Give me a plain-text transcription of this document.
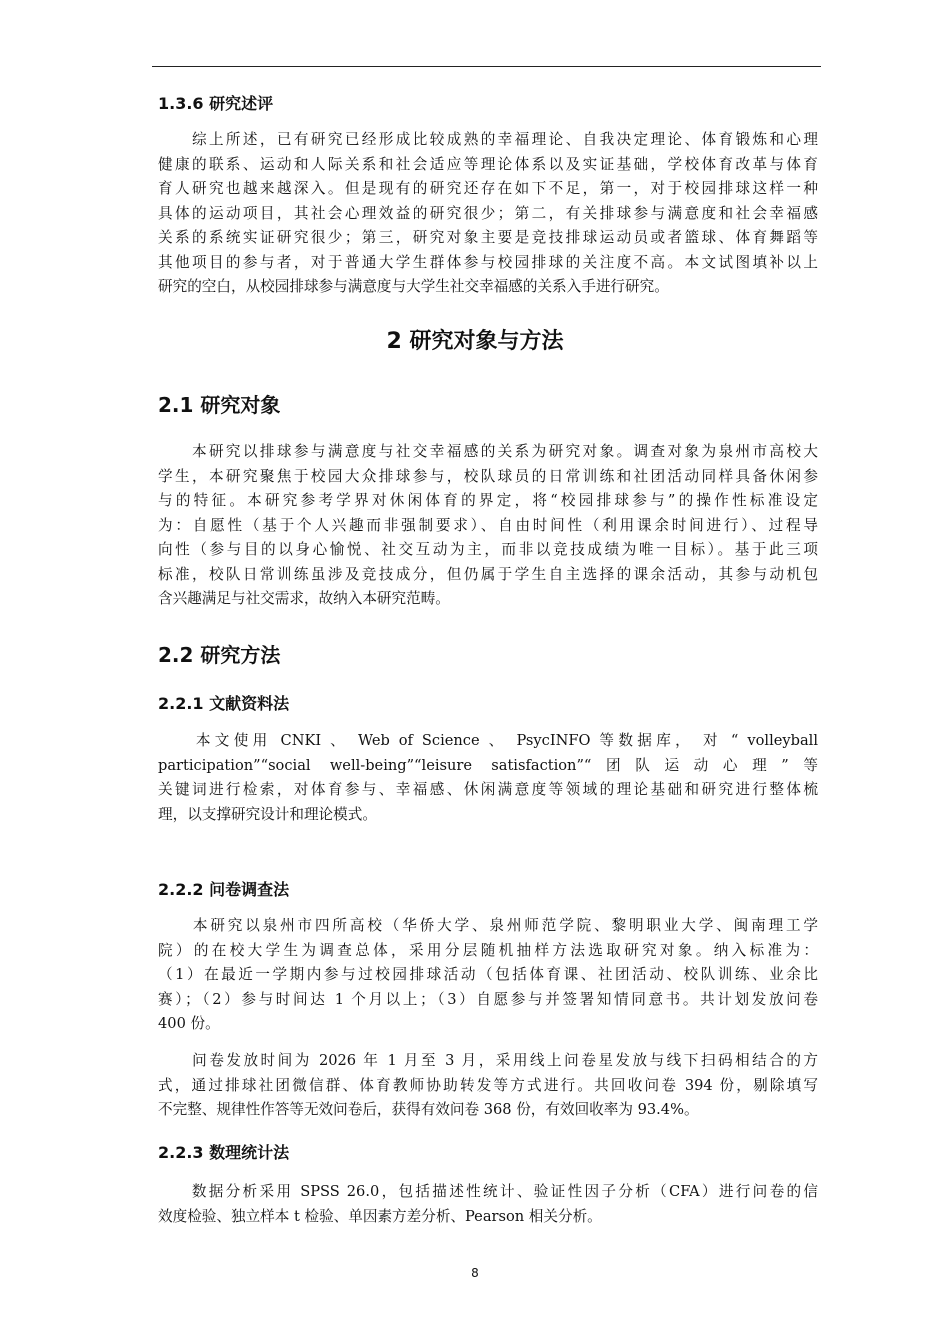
1.3.6 研究述评
　　综上所述，已有研究已经形成比较成熟的幸福理论、自我决定理论、体育锻炼和心理
健康的联系、运动和人际关系和社会适应等理论体系以及实证基础，学校体育改革与体育
育人研究也越来越深入。但是现有的研究还存在如下不足，第一，对于校园排球这样一种
具体的运动项目，其社会心理效益的研究很少；第二，有关排球参与满意度和社会幸福感
关系的系统实证研究很少；第三，研究对象主要是竞技排球运动员或者篮球、体育舞蹈等
其他项目的参与者，对于普通大学生群体参与校园排球的关注度不高。本文试图填补以上
研究的空白，从校园排球参与满意度与大学生社交幸福感的关系入手进行研究。
2 研究对象与方法
2.1 研究对象
　　本研究以排球参与满意度与社交幸福感的关系为研究对象。调查对象为泉州市高校大
学生，本研究聚焦于校园大众排球参与，校队球员的日常训练和社团活动同样具备休闲参
与的特征。本研究参考学界对休闲体育的界定，将“校园排球参与”的操作性标准设定
为：自愿性（基于个人兴趣而非强制要求）、自由时间性（利用课余时间进行）、过程导
向性（参与目的以身心愉悦、社交互动为主，而非以竞技成绩为唯一目标）。基于此三项
标准，校队日常训练虽涉及竞技成分，但仍属于学生自主选择的课余活动，其参与动机包
含兴趣满足与社交需求，故纳入本研究范畴。
2.2 研究方法
2.2.1 文献资料法
　　本文使用 CNKI 、 Web of Science 、 PsycINFO 等数据库， 对 “ volleyball
participation”“social well-being”“leisure satisfaction”“团队运动心理”等
关键词进行检索，对体育参与、幸福感、休闲满意度等领域的理论基础和研究进行整体梳
理，以支撑研究设计和理论模式。
2.2.2 问卷调查法
　　本研究以泉州市四所高校（华侨大学、泉州师范学院、黎明职业大学、闽南理工学
院）的在校大学生为调查总体，采用分层随机抽样方法选取研究对象。纳入标准为：
（1）在最近一学期内参与过校园排球活动（包括体育课、社团活动、校队训练、业余比
赛）；（2）参与时间达 1 个月以上；（3）自愿参与并签署知情同意书。共计划发放问卷
400 份。
　　问卷发放时间为 2026 年 1 月至 3 月，采用线上问卷星发放与线下扫码相结合的方
式，通过排球社团微信群、体育教师协助转发等方式进行。共回收问卷 394 份，剔除填写
不完整、规律性作答等无效问卷后，获得有效问卷 368 份，有效回收率为 93.4%。
2.2.3 数理统计法
　　数据分析采用 SPSS 26.0，包括描述性统计、验证性因子分析（CFA）进行问卷的信
效度检验、独立样本 t 检验、单因素方差分析、Pearson 相关分析。
8
